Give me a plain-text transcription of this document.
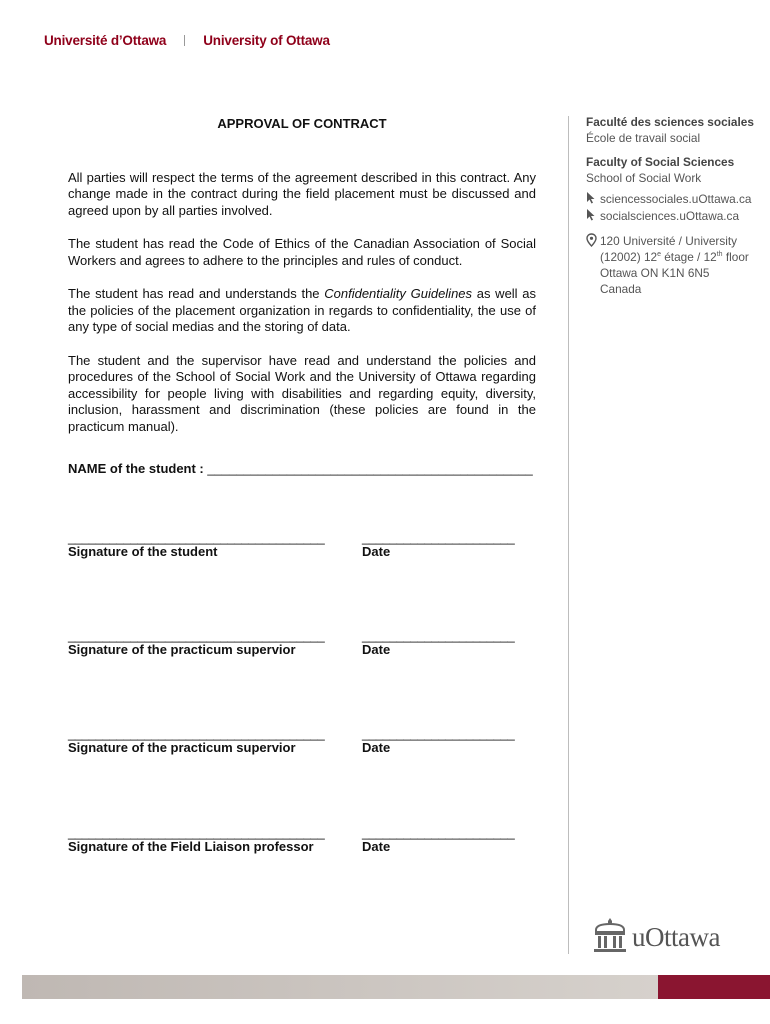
Université d’Ottawa	University of Ottawa
Faculté des sciences sociales
École de travail social
Faculty of Social Sciences
School of Social Work
sciencessociales.uOttawa.ca
socialsciences.uOttawa.ca
120 Université / University
(12002) 12e étage / 12th floor
Ottawa ON K1N 6N5
Canada
APPROVAL OF CONTRACT

All parties will respect the terms of the agreement described in this contract. Any change made in the contract during the field placement must be discussed and agreed upon by all parties involved.

The student has read the Code of Ethics of the Canadian Association of Social Workers and agrees to adhere to the principles and rules of conduct.

The student has read and understands the Confidentiality Guidelines as well as the policies of the placement organization in regards to confidentiality, the use of any type of social medias and the storing of data.

The student and the supervisor have read and understand the policies and procedures of the School of Social Work and the University of Ottawa regarding accessibility for people living with disabilities and regarding equity, diversity, inclusion, harassment and discrimination (these policies are found in the practicum manual).

NAME of the student : _____________________________________________
_____________________________________	______________________
Signature of the student	Date
_____________________________________	______________________
Signature of the practicum supervior	Date
_____________________________________	______________________
Signature of the practicum supervior	Date
_____________________________________	______________________
Signature of the Field Liaison professor	Date
uOttawa
